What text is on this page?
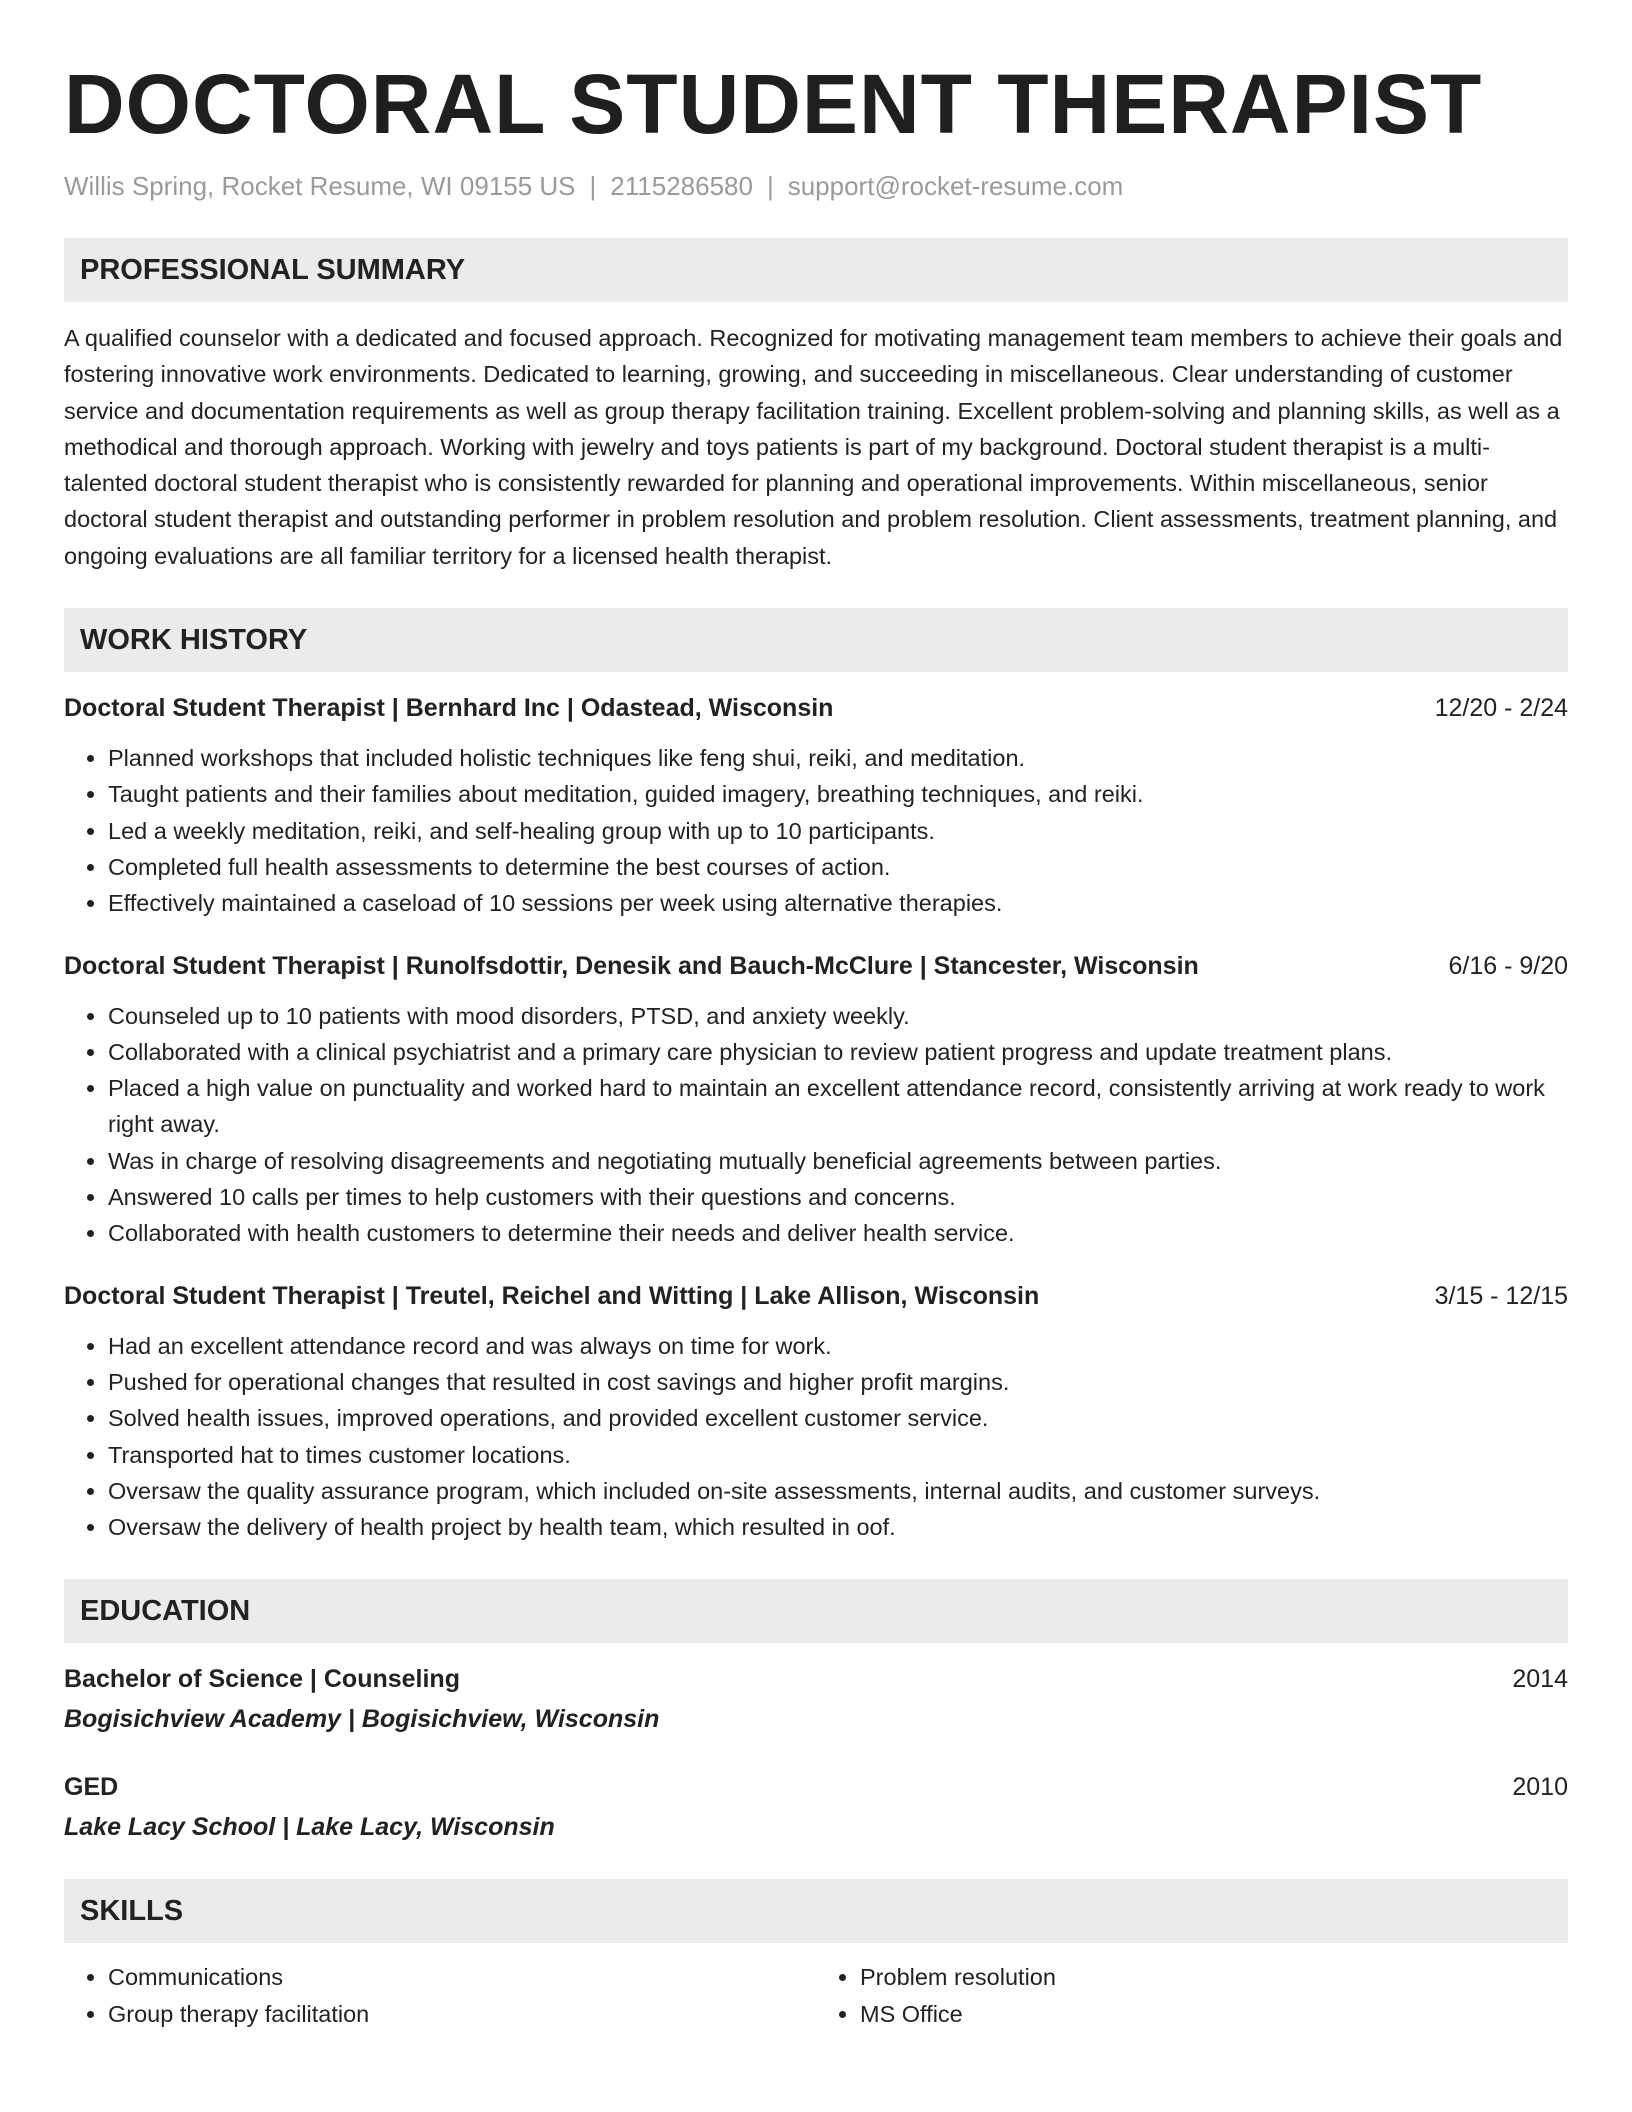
DOCTORAL STUDENT THERAPIST
Willis Spring, Rocket Resume, WI 09155 US | 2115286580 | support@rocket-resume.com
PROFESSIONAL SUMMARY
A qualified counselor with a dedicated and focused approach. Recognized for motivating management team members to achieve their goals and fostering innovative work environments. Dedicated to learning, growing, and succeeding in miscellaneous. Clear understanding of customer service and documentation requirements as well as group therapy facilitation training. Excellent problem-solving and planning skills, as well as a methodical and thorough approach. Working with jewelry and toys patients is part of my background. Doctoral student therapist is a multi-talented doctoral student therapist who is consistently rewarded for planning and operational improvements. Within miscellaneous, senior doctoral student therapist and outstanding performer in problem resolution and problem resolution. Client assessments, treatment planning, and ongoing evaluations are all familiar territory for a licensed health therapist.
WORK HISTORY
Doctoral Student Therapist | Bernhard Inc | Odastead, Wisconsin	12/20 - 2/24
• Planned workshops that included holistic techniques like feng shui, reiki, and meditation.
• Taught patients and their families about meditation, guided imagery, breathing techniques, and reiki.
• Led a weekly meditation, reiki, and self-healing group with up to 10 participants.
• Completed full health assessments to determine the best courses of action.
• Effectively maintained a caseload of 10 sessions per week using alternative therapies.
Doctoral Student Therapist | Runolfsdottir, Denesik and Bauch-McClure | Stancester, Wisconsin	6/16 - 9/20
• Counseled up to 10 patients with mood disorders, PTSD, and anxiety weekly.
• Collaborated with a clinical psychiatrist and a primary care physician to review patient progress and update treatment plans.
• Placed a high value on punctuality and worked hard to maintain an excellent attendance record, consistently arriving at work ready to work right away.
• Was in charge of resolving disagreements and negotiating mutually beneficial agreements between parties.
• Answered 10 calls per times to help customers with their questions and concerns.
• Collaborated with health customers to determine their needs and deliver health service.
Doctoral Student Therapist | Treutel, Reichel and Witting | Lake Allison, Wisconsin	3/15 - 12/15
• Had an excellent attendance record and was always on time for work.
• Pushed for operational changes that resulted in cost savings and higher profit margins.
• Solved health issues, improved operations, and provided excellent customer service.
• Transported hat to times customer locations.
• Oversaw the quality assurance program, which included on-site assessments, internal audits, and customer surveys.
• Oversaw the delivery of health project by health team, which resulted in oof.
EDUCATION
Bachelor of Science | Counseling	2014
Bogisichview Academy | Bogisichview, Wisconsin
GED	2010
Lake Lacy School | Lake Lacy, Wisconsin
SKILLS
• Communications
• Group therapy facilitation
• Problem resolution
• MS Office
